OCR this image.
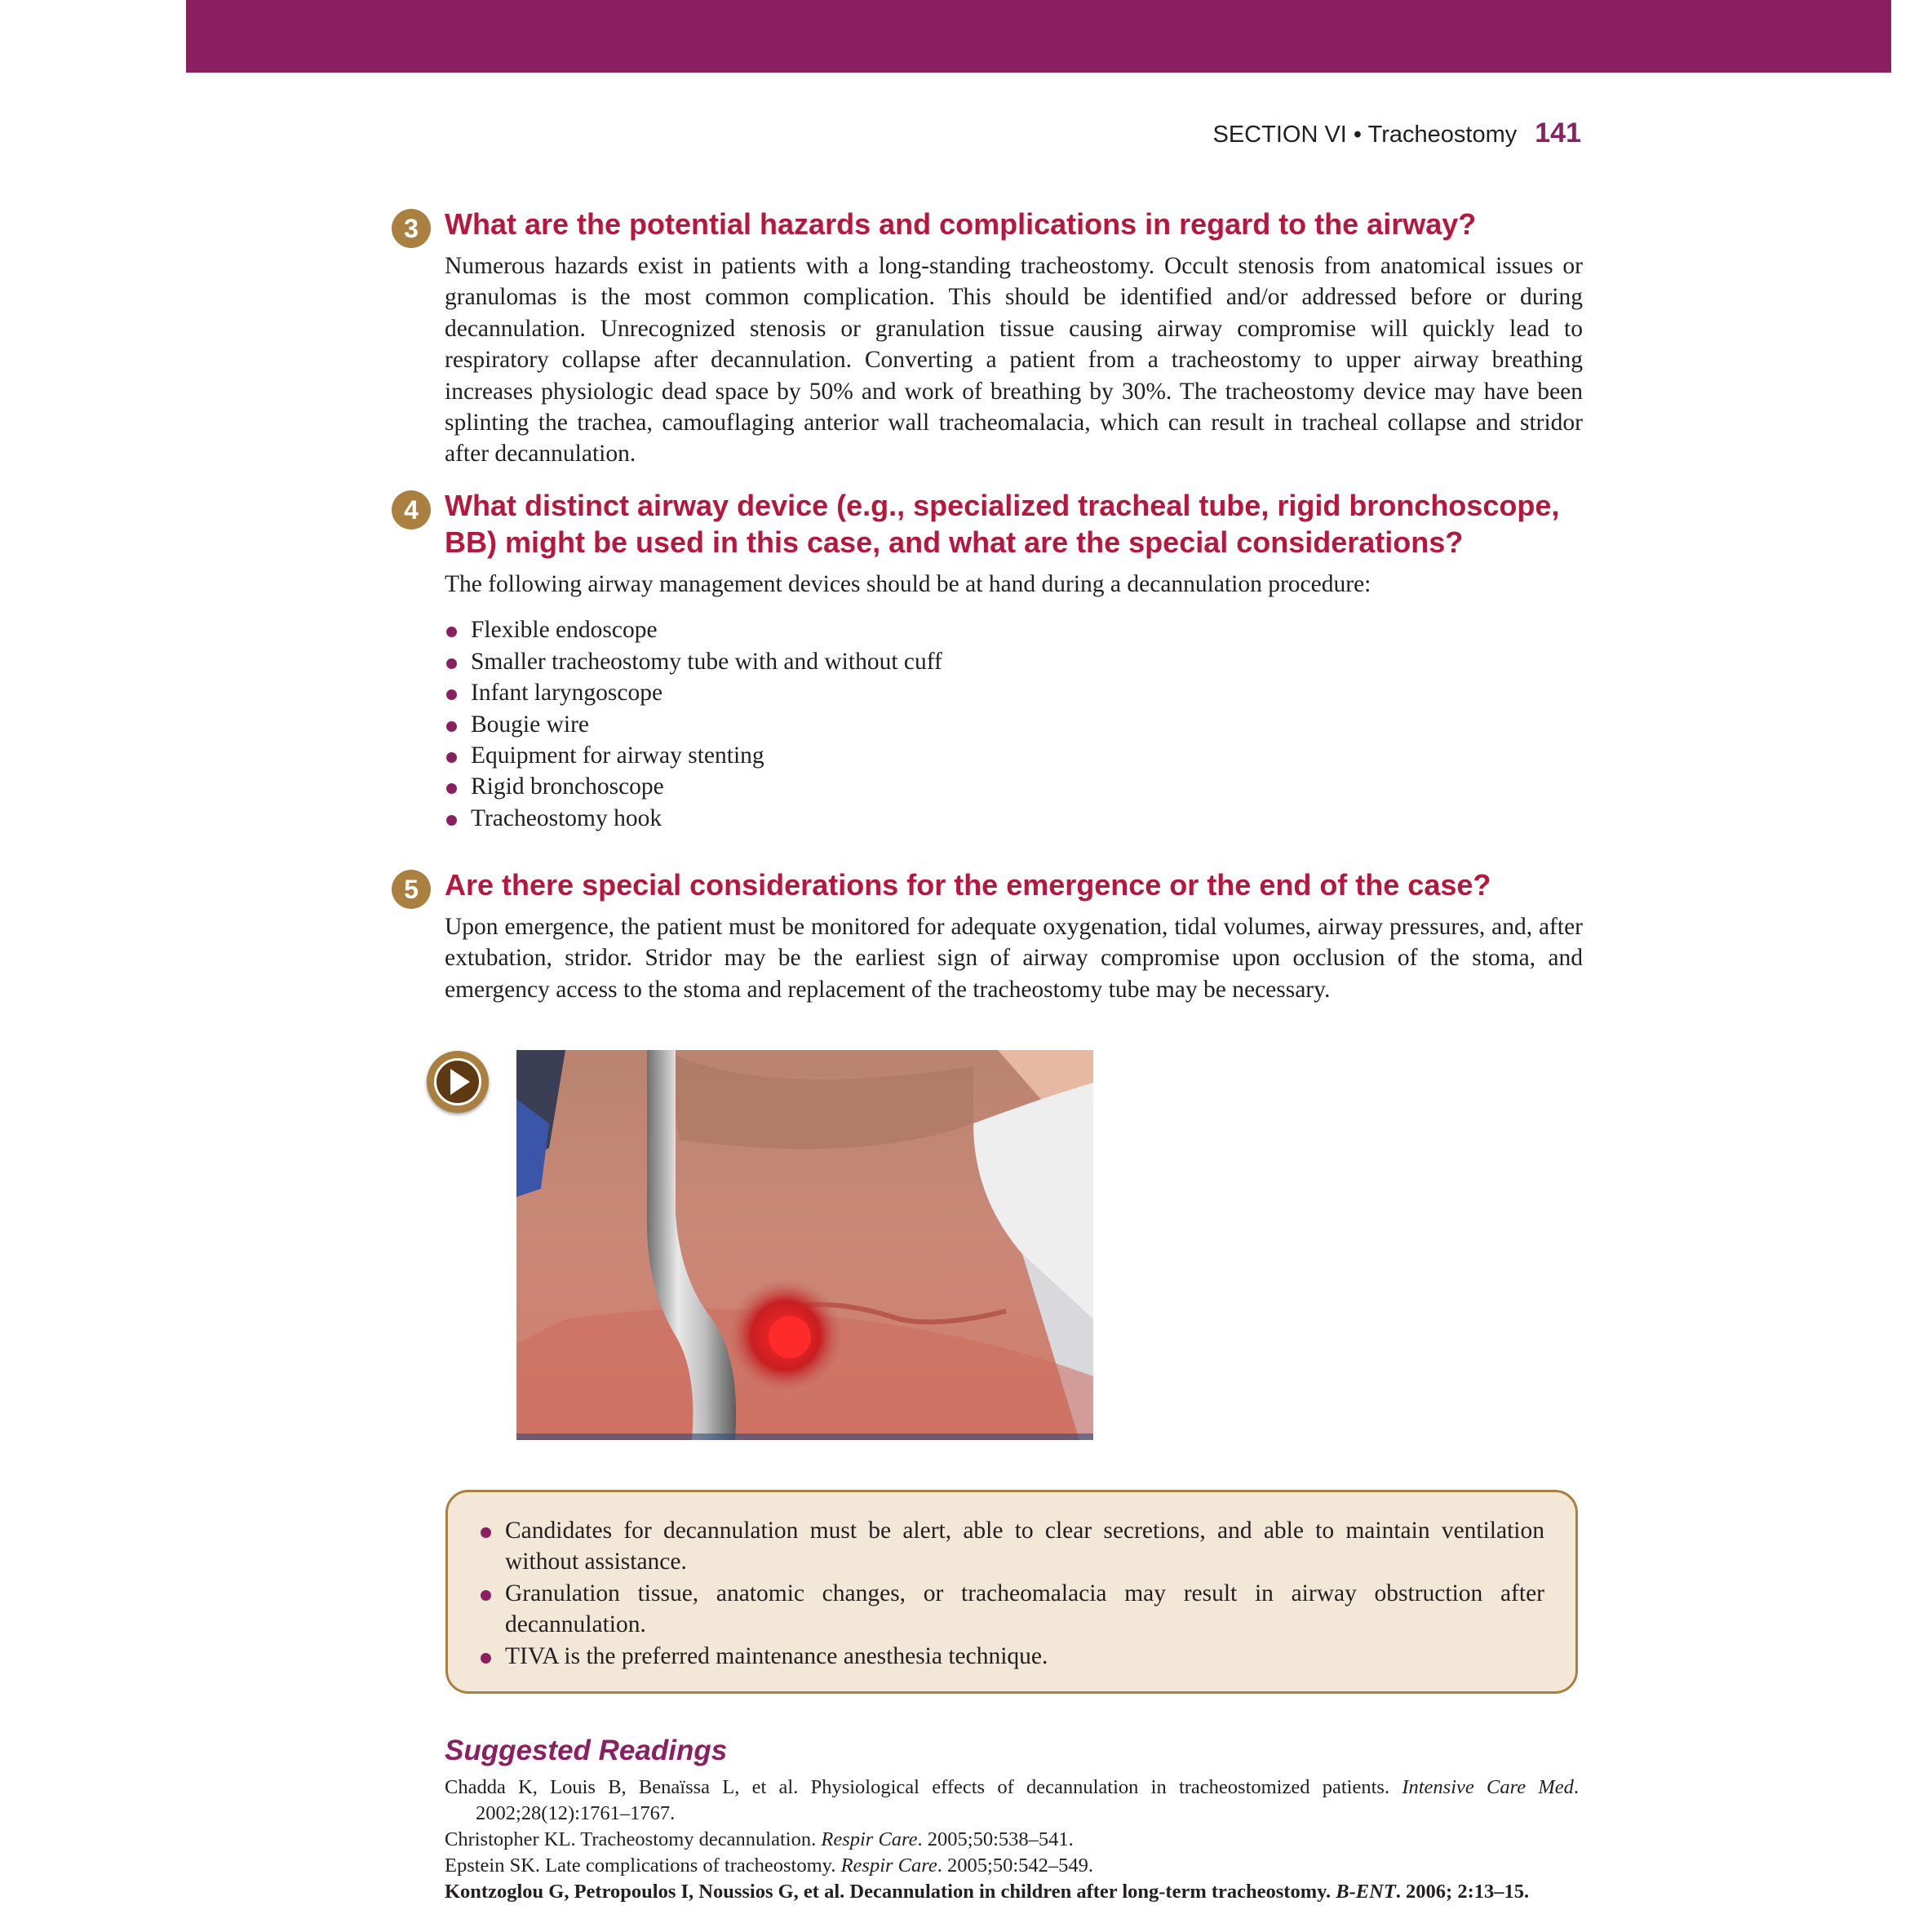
SECTION VI • Tracheostomy 141
3 What are the potential hazards and complications in regard to the airway?

Numerous hazards exist in patients with a long-standing tracheostomy. Occult stenosis from anatomical issues or granulomas is the most common complication. This should be identified and/or addressed before or during decannulation. Unrecognized stenosis or granulation tissue causing airway compromise will quickly lead to respiratory collapse after decannulation. Converting a patient from a tracheostomy to upper airway breathing increases physiologic dead space by 50% and work of breathing by 30%. The tracheostomy device may have been splinting the trachea, camouflaging anterior wall tracheomalacia, which can result in tracheal collapse and stridor after decannulation.

4 What distinct airway device (e.g., specialized tracheal tube, rigid bronchoscope, BB) might be used in this case, and what are the special considerations?

The following airway management devices should be at hand during a decannulation procedure:

Flexible endoscope
Smaller tracheostomy tube with and without cuff
Infant laryngoscope
Bougie wire
Equipment for airway stenting
Rigid bronchoscope
Tracheostomy hook
5 Are there special considerations for the emergence or the end of the case?

Upon emergence, the patient must be monitored for adequate oxygenation, tidal volumes, airway pressures, and, after extubation, stridor. Stridor may be the earliest sign of airway compromise upon occlusion of the stoma, and emergency access to the stoma and replacement of the tracheostomy tube may be necessary.

Candidates for decannulation must be alert, able to clear secretions, and able to maintain ventilation without assistance.
Granulation tissue, anatomic changes, or tracheomalacia may result in airway obstruction after decannulation.
TIVA is the preferred maintenance anesthesia technique.
Suggested Readings
Chadda K, Louis B, Benaïssa L, et al. Physiological effects of decannulation in tracheostomized patients. Intensive Care Med. 2002;28(12):1761–1767.
Christopher KL. Tracheostomy decannulation. Respir Care. 2005;50:538–541.
Epstein SK. Late complications of tracheostomy. Respir Care. 2005;50:542–549.
Kontzoglou G, Petropoulos I, Noussios G, et al. Decannulation in children after long-term tracheostomy. B-ENT. 2006; 2:13–15.
